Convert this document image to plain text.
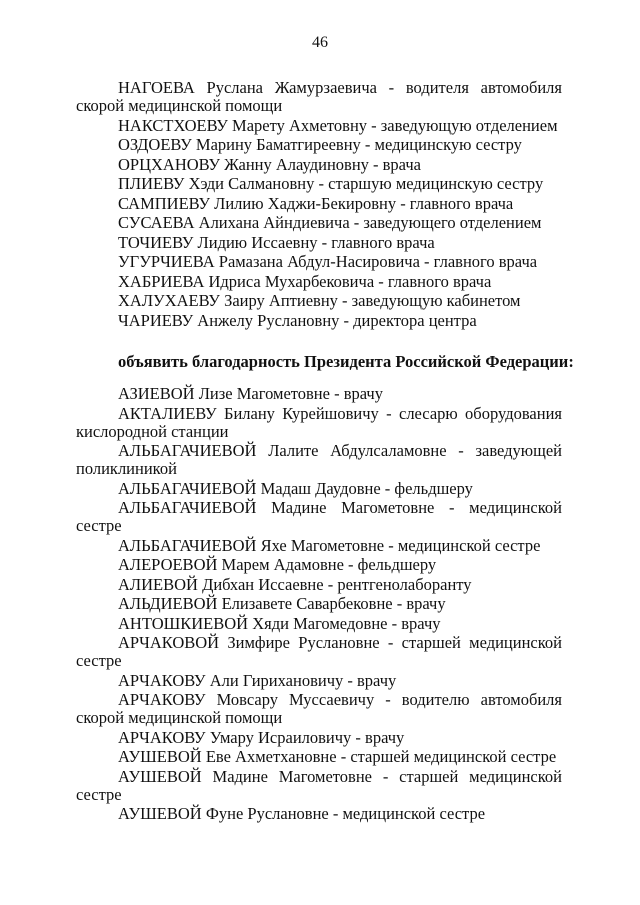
46
НАГОЕВА Руслана Жамурзаевича - водителя автомобиля
скорой медицинской помощи
НАКСТХОЕВУ Марету Ахметовну - заведующую отделением
ОЗДОЕВУ Марину Баматгиреевну - медицинскую сестру
ОРЦХАНОВУ Жанну Алаудиновну - врача
ПЛИЕВУ Хэди Салмановну - старшую медицинскую сестру
САМПИЕВУ Лилию Хаджи-Бекировну - главного врача
СУСАЕВА Алихана Айндиевича - заведующего отделением
ТОЧИЕВУ Лидию Иссаевну - главного врача
УГУРЧИЕВА Рамазана Абдул-Насировича - главного врача
ХАБРИЕВА Идриса Мухарбековича - главного врача
ХАЛУХАЕВУ Заиру Аптиевну - заведующую кабинетом
ЧАРИЕВУ Анжелу Руслановну - директора центра
объявить благодарность Президента Российской Федерации:
АЗИЕВОЙ Лизе Магометовне - врачу
АКТАЛИЕВУ Билану Курейшовичу - слесарю оборудования
кислородной станции
АЛЬБАГАЧИЕВОЙ Лалите Абдулсаламовне - заведующей
поликлиникой
АЛЬБАГАЧИЕВОЙ Мадаш Даудовне - фельдшеру
АЛЬБАГАЧИЕВОЙ Мадине Магометовне - медицинской сестре
АЛЬБАГАЧИЕВОЙ Яхе Магометовне - медицинской сестре
АЛЕРОЕВОЙ Марем Адамовне - фельдшеру
АЛИЕВОЙ Дибхан Иссаевне - рентгенолаборанту
АЛЬДИЕВОЙ Елизавете Саварбековне - врачу
АНТОШКИЕВОЙ Хяди Магомедовне - врачу
АРЧАКОВОЙ Зимфире Руслановне - старшей медицинской
сестре
АРЧАКОВУ Али Гирихановичу - врачу
АРЧАКОВУ Мовсару Муссаевичу - водителю автомобиля
скорой медицинской помощи
АРЧАКОВУ Умару Исраиловичу - врачу
АУШЕВОЙ Еве Ахметхановне - старшей медицинской сестре
АУШЕВОЙ Мадине Магометовне - старшей медицинской
сестре
АУШЕВОЙ Фуне Руслановне - медицинской сестре
